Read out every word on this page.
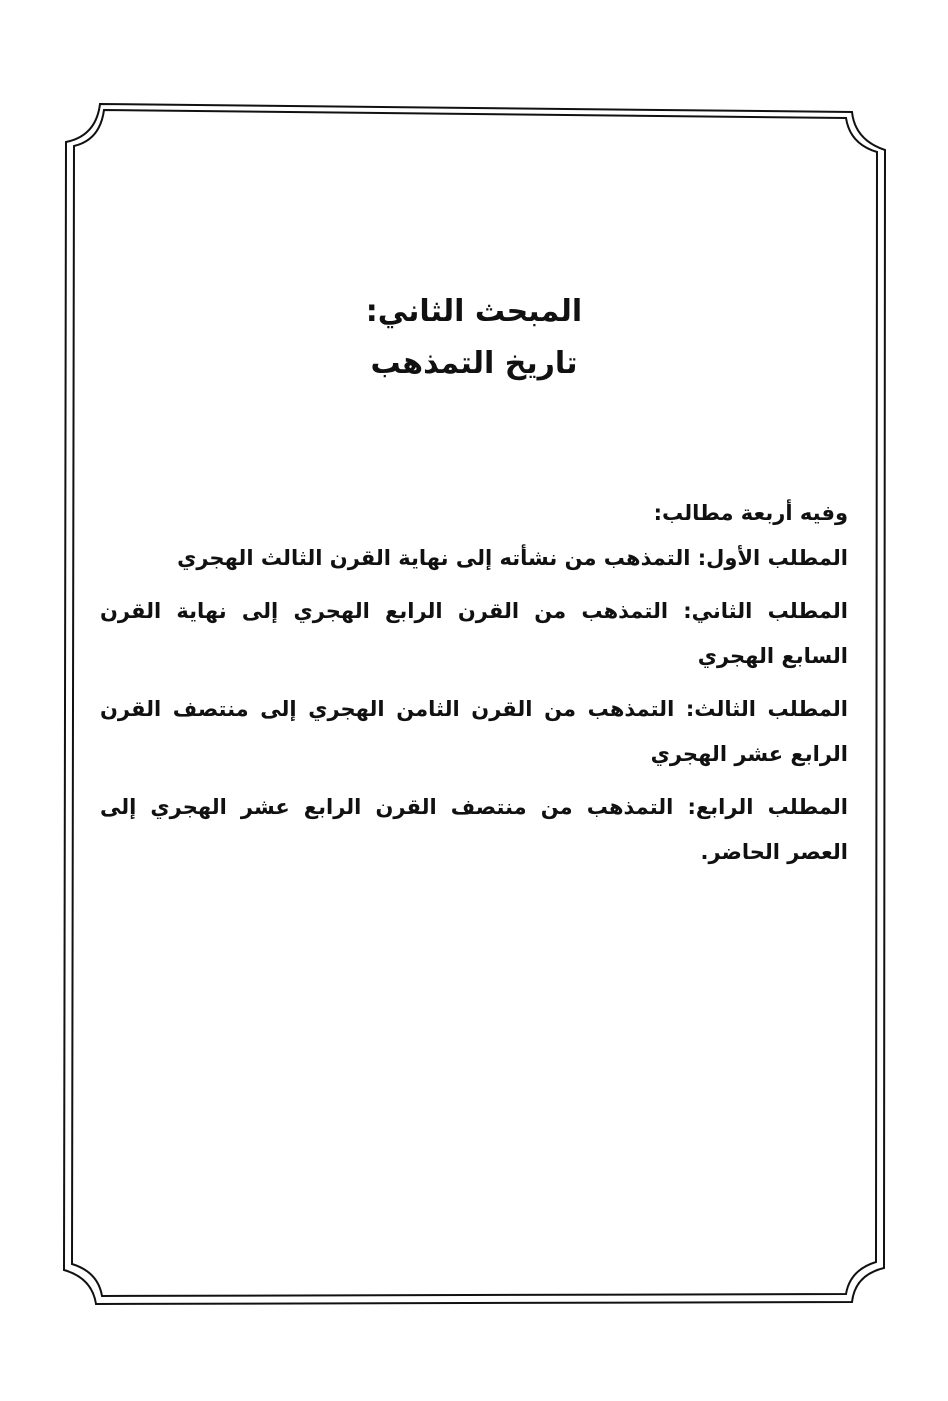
المبحث الثاني:
تاريخ التمذهب
وفيه أربعة مطالب:
المطلب الأول: التمذهب من نشأته إلى نهاية القرن الثالث الهجري
المطلب الثاني: التمذهب من القرن الرابع الهجري إلى نهاية القرن السابع الهجري
المطلب الثالث: التمذهب من القرن الثامن الهجري إلى منتصف القرن الرابع عشر الهجري
المطلب الرابع: التمذهب من منتصف القرن الرابع عشر الهجري إلى العصر الحاضر.
